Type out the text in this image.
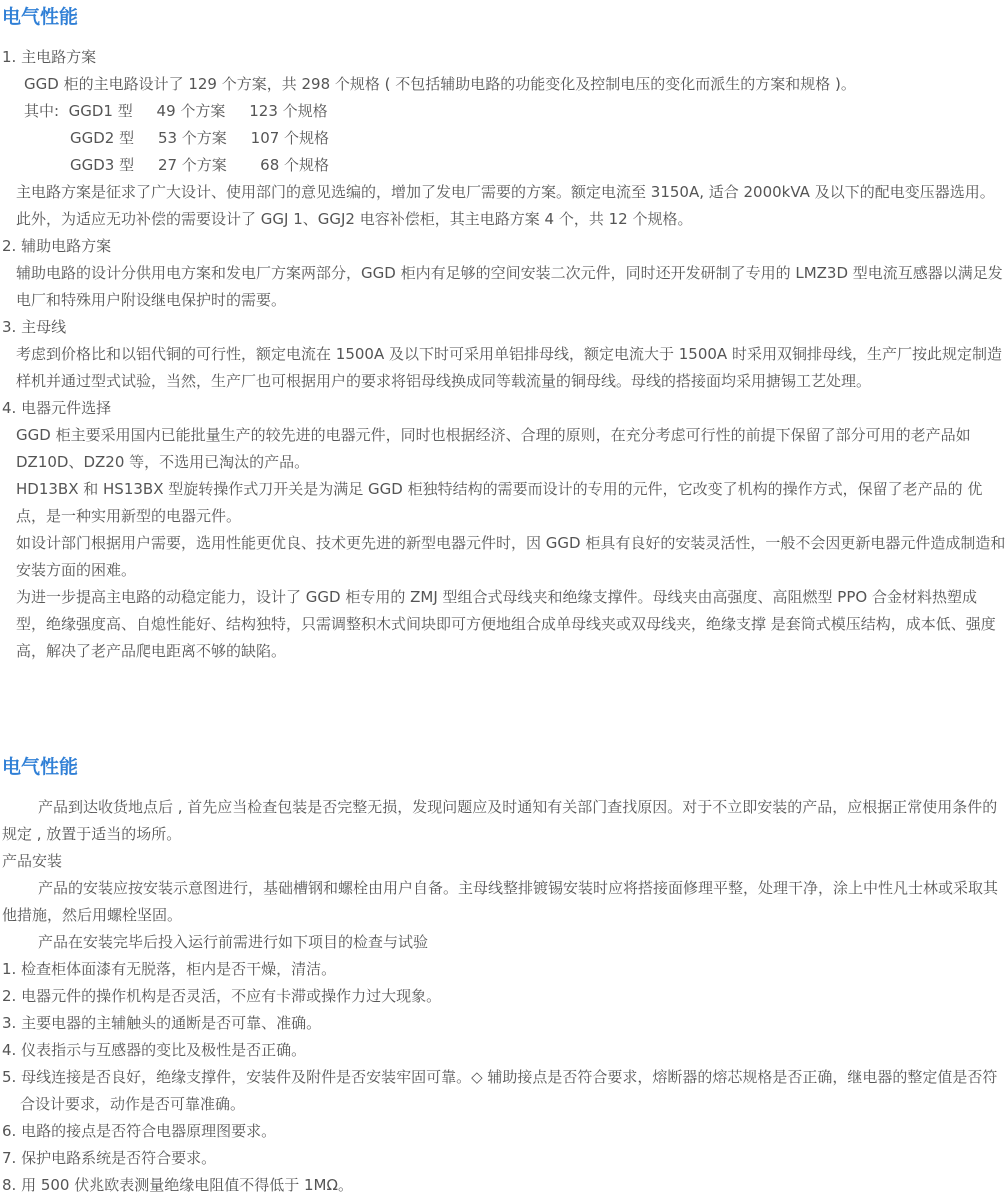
电气性能
1. 主电路方案
GGD 柜的主电路设计了 129 个方案，共 298 个规格 ( 不包括辅助电路的功能变化及控制电压的变化而派生的方案和规格 )。
其中:  GGD1 型     49 个方案     123 个规格
GGD2 型     53 个方案     107 个规格
GGD3 型     27 个方案       68 个规格
主电路方案是征求了广大设计、使用部门的意见选编的，增加了发电厂需要的方案。额定电流至 3150A, 适合 2000kVA 及以下的配电变压器选用。此外，为适应无功补偿的需要设计了 GGJ 1、GGJ2 电容补偿柜，其主电路方案 4 个，共 12 个规格。
2. 辅助电路方案
辅助电路的设计分供用电方案和发电厂方案两部分，GGD 柜内有足够的空间安装二次元件，同时还开发研制了专用的 LMZ3D 型电流互感器以满足发电厂和特殊用户附设继电保护时的需要。
3. 主母线
考虑到价格比和以铝代铜的可行性，额定电流在 1500A 及以下时可采用单铝排母线，额定电流大于 1500A 时采用双铜排母线，生产厂按此规定制造样机并通过型式试验，当然，生产厂也可根据用户的要求将铝母线换成同等载流量的铜母线。母线的搭接面均采用搪锡工艺处理。
4. 电器元件选择
GGD 柜主要采用国内已能批量生产的较先进的电器元件，同时也根据经济、合理的原则，在充分考虑可行性的前提下保留了部分可用的老产品如 DZ10D、DZ20 等，不选用已淘汰的产品。
HD13BX 和 HS13BX 型旋转操作式刀开关是为满足 GGD 柜独特结构的需要而设计的专用的元件，它改变了机构的操作方式，保留了老产品的 优点，是一种实用新型的电器元件。
如设计部门根据用户需要，选用性能更优良、技术更先进的新型电器元件时，因 GGD 柜具有良好的安装灵活性，一般不会因更新电器元件造成制造和安装方面的困难。
为进一步提高主电路的动稳定能力，设计了 GGD 柜专用的 ZMJ 型组合式母线夹和绝缘支撑件。母线夹由高强度、高阻燃型 PPO 合金材料热塑成型，绝缘强度高、自熄性能好、结构独特，只需调整积木式间块即可方便地组合成单母线夹或双母线夹，绝缘支撑 是套筒式模压结构，成本低、强度高，解决了老产品爬电距离不够的缺陷。
电气性能
产品到达收货地点后 , 首先应当检查包装是否完整无损，发现问题应及时通知有关部门查找原因。对于不立即安装的产品，应根据正常使用条件的规定 , 放置于适当的场所。
产品安装
产品的安装应按安装示意图进行，基础槽钢和螺栓由用户自备。主母线整排镀锡安装时应将搭接面修理平整，处理干净，涂上中性凡士林或采取其他措施，然后用螺栓坚固。
产品在安装完毕后投入运行前需进行如下项目的检查与试验
1. 检查柜体面漆有无脱落，柜内是否干燥，清洁。
2. 电器元件的操作机构是否灵活，不应有卡滞或操作力过大现象。
3. 主要电器的主辅触头的通断是否可靠、准确。
4. 仪表指示与互感器的变比及极性是否正确。
5. 母线连接是否良好，绝缘支撑件，安装件及附件是否安装牢固可靠。◇ 辅助接点是否符合要求，熔断器的熔芯规格是否正确，继电器的整定值是否符合设计要求，动作是否可靠准确。
6. 电路的接点是否符合电器原理图要求。
7. 保护电路系统是否符合要求。
8. 用 500 伏兆欧表测量绝缘电阻值不得低于 1MΩ。
